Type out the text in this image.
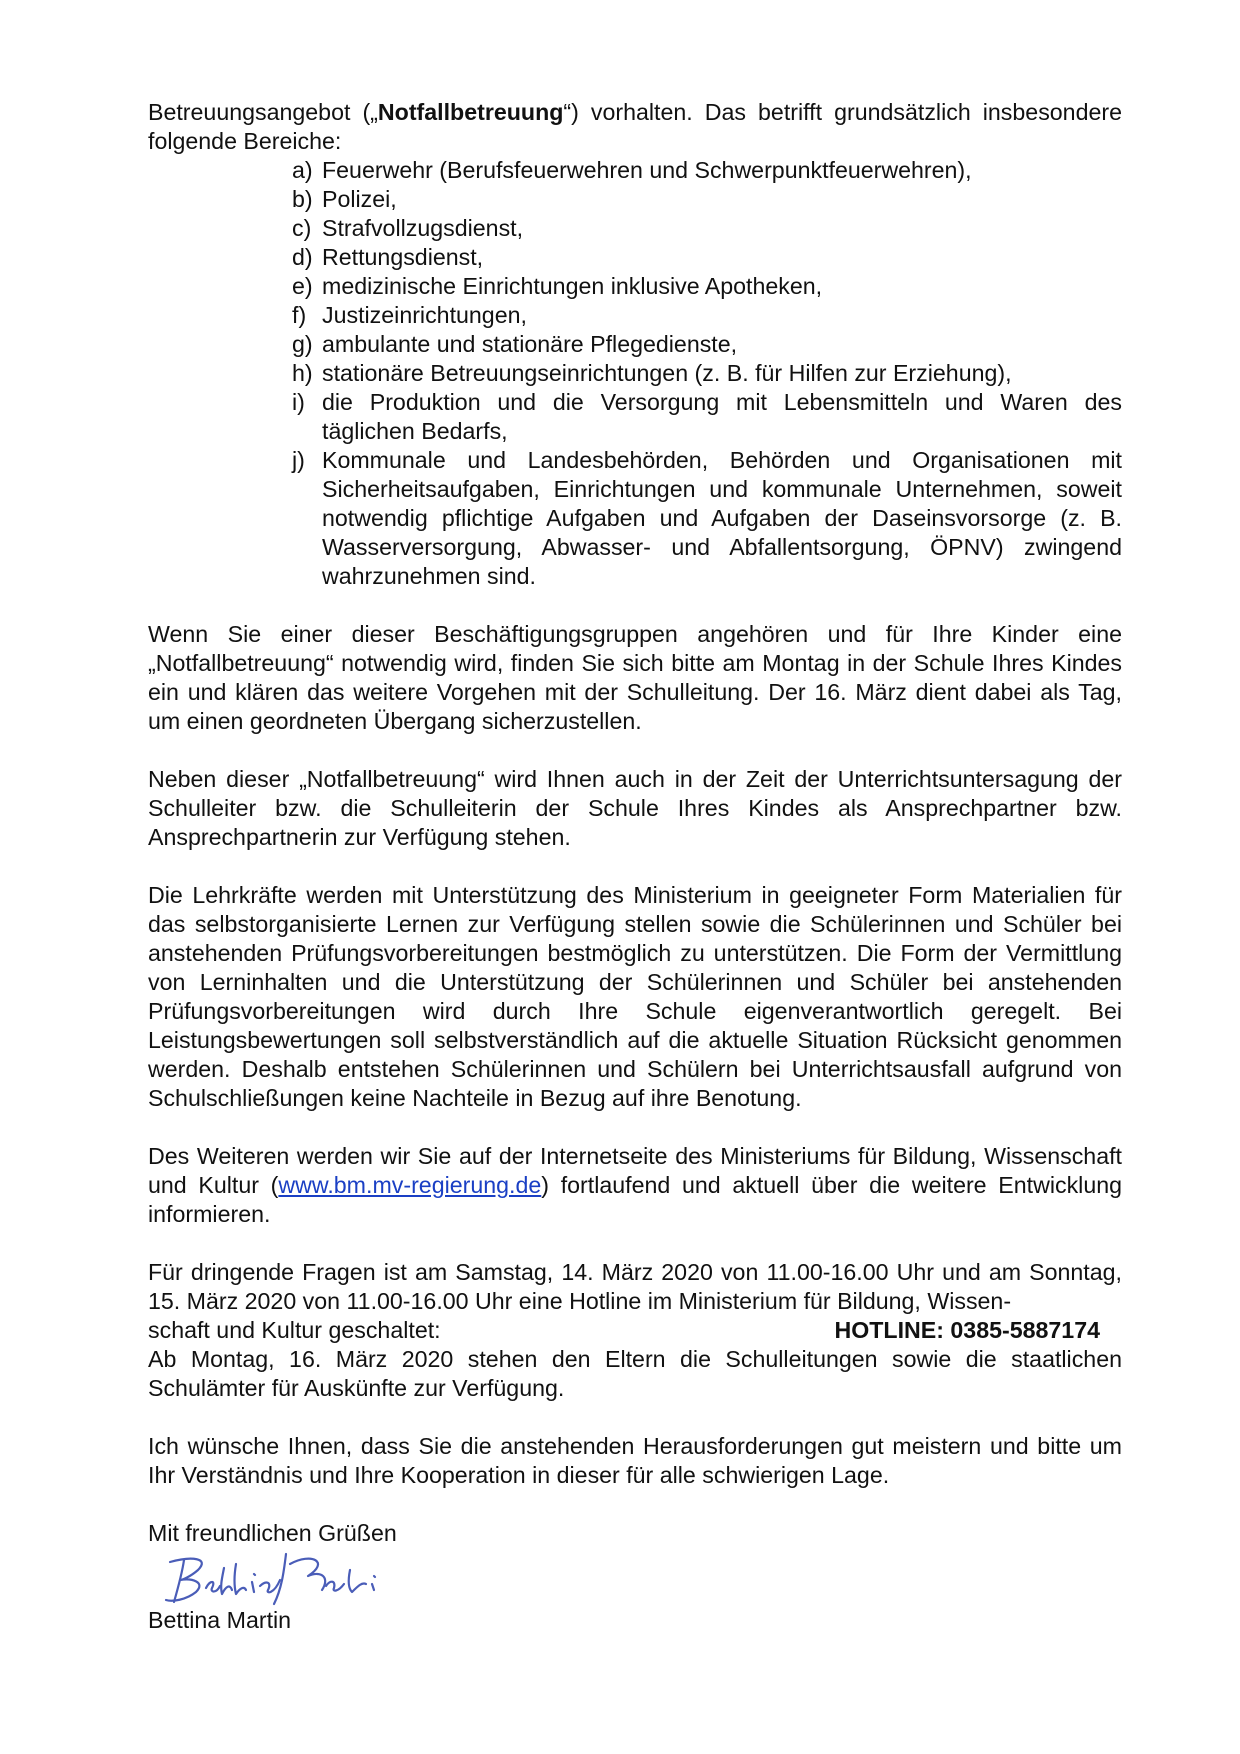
Betreuungsangebot („Notfallbetreuung“) vorhalten. Das betrifft grundsätzlich insbesondere folgende Bereiche:

a) Feuerwehr (Berufsfeuerwehren und Schwerpunktfeuerwehren),
b) Polizei,
c) Strafvollzugsdienst,
d) Rettungsdienst,
e) medizinische Einrichtungen inklusive Apotheken,
f) Justizeinrichtungen,
g) ambulante und stationäre Pflegedienste,
h) stationäre Betreuungseinrichtungen (z. B. für Hilfen zur Erziehung),
i) die Produktion und die Versorgung mit Lebensmitteln und Waren des täglichen Bedarfs,
j) Kommunale und Landesbehörden, Behörden und Organisationen mit Sicherheitsaufgaben, Einrichtungen und kommunale Unternehmen, soweit notwendig pflichtige Aufgaben und Aufgaben der Daseinsvorsorge (z. B. Wasserversorgung, Abwasser- und Abfallentsorgung, ÖPNV) zwingend wahrzunehmen sind.

Wenn Sie einer dieser Beschäftigungsgruppen angehören und für Ihre Kinder eine „Notfallbetreuung“ notwendig wird, finden Sie sich bitte am Montag in der Schule Ihres Kindes ein und klären das weitere Vorgehen mit der Schulleitung. Der 16. März dient dabei als Tag, um einen geordneten Übergang sicherzustellen.

Neben dieser „Notfallbetreuung“ wird Ihnen auch in der Zeit der Unterrichtsuntersagung der Schulleiter bzw. die Schulleiterin der Schule Ihres Kindes als Ansprechpartner bzw. Ansprechpartnerin zur Verfügung stehen.

Die Lehrkräfte werden mit Unterstützung des Ministerium in geeigneter Form Materialien für das selbstorganisierte Lernen zur Verfügung stellen sowie die Schülerinnen und Schüler bei anstehenden Prüfungsvorbereitungen bestmöglich zu unterstützen. Die Form der Vermittlung von Lerninhalten und die Unterstützung der Schülerinnen und Schüler bei anstehenden Prüfungsvorbereitungen wird durch Ihre Schule eigenverantwortlich geregelt. Bei Leistungsbewertungen soll selbstverständlich auf die aktuelle Situation Rücksicht genommen werden. Deshalb entstehen Schülerinnen und Schülern bei Unterrichtsausfall aufgrund von Schulschließungen keine Nachteile in Bezug auf ihre Benotung.

Des Weiteren werden wir Sie auf der Internetseite des Ministeriums für Bildung, Wissenschaft und Kultur (www.bm.mv-regierung.de) fortlaufend und aktuell über die weitere Entwicklung informieren.

Für dringende Fragen ist am Samstag, 14. März 2020 von 11.00-16.00 Uhr und am Sonntag, 15. März 2020 von 11.00-16.00 Uhr eine Hotline im Ministerium für Bildung, Wissen-

schaft und Kultur geschaltet:	HOTLINE: 0385-5887174

Ab Montag, 16. März 2020 stehen den Eltern die Schulleitungen sowie die staatlichen Schulämter für Auskünfte zur Verfügung.

Ich wünsche Ihnen, dass Sie die anstehenden Herausforderungen gut meistern und bitte um Ihr Verständnis und Ihre Kooperation in dieser für alle schwierigen Lage.

Mit freundlichen Grüßen

Bettina Martin
